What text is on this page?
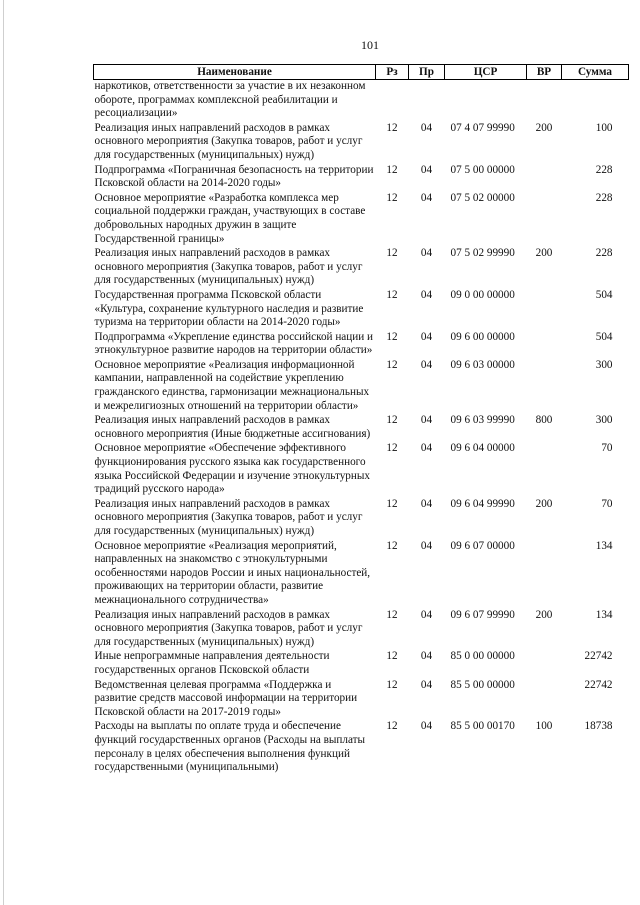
101
Наименование	Рз	Пр	ЦСР	ВР	Сумма
наркотиков, ответственности за участие в их незаконном обороте, программах комплексной реабилитации и ресоциализации»					
Реализация иных направлений расходов в рамках основного мероприятия (Закупка товаров, работ и услуг для государственных (муниципальных) нужд)	12	04	07 4 07 99990	200	100
Подпрограмма «Пограничная безопасность на территории Псковской области на 2014-2020 годы»	12	04	07 5 00 00000		228
Основное мероприятие «Разработка комплекса мер социальной поддержки граждан, участвующих в составе добровольных народных дружин в защите Государственной границы»	12	04	07 5 02 00000		228
Реализация иных направлений расходов в рамках основного мероприятия (Закупка товаров, работ и услуг для государственных (муниципальных) нужд)	12	04	07 5 02 99990	200	228
Государственная программа Псковской области «Культура, сохранение культурного наследия и развитие туризма на территории области на 2014-2020 годы»	12	04	09 0 00 00000		504
Подпрограмма «Укрепление единства российской нации и этнокультурное развитие народов на территории области»	12	04	09 6 00 00000		504
Основное мероприятие «Реализация информационной кампании, направленной на содействие укреплению гражданского единства, гармонизации межнациональных и межрелигиозных отношений на территории области»	12	04	09 6 03 00000		300
Реализация иных направлений расходов в рамках основного мероприятия (Иные бюджетные ассигнования)	12	04	09 6 03 99990	800	300
Основное мероприятие «Обеспечение эффективного функционирования русского языка как государственного языка Российской Федерации и изучение этнокультурных традиций русского народа»	12	04	09 6 04 00000		70
Реализация иных направлений расходов в рамках основного мероприятия (Закупка товаров, работ и услуг для государственных (муниципальных) нужд)	12	04	09 6 04 99990	200	70
Основное мероприятие «Реализация мероприятий, направленных на знакомство с этнокультурными особенностями народов России и иных национальностей, проживающих на территории области, развитие межнационального сотрудничества»	12	04	09 6 07 00000		134
Реализация иных направлений расходов в рамках основного мероприятия (Закупка товаров, работ и услуг для государственных (муниципальных) нужд)	12	04	09 6 07 99990	200	134
Иные непрограммные направления деятельности государственных органов Псковской области	12	04	85 0 00 00000		22742
Ведомственная целевая программа «Поддержка и развитие средств массовой информации на территории Псковской области на 2017-2019 годы»	12	04	85 5 00 00000		22742
Расходы на выплаты по оплате труда и обеспечение функций государственных органов (Расходы на выплаты персоналу в целях обеспечения выполнения функций государственными (муниципальными)	12	04	85 5 00 00170	100	18738
